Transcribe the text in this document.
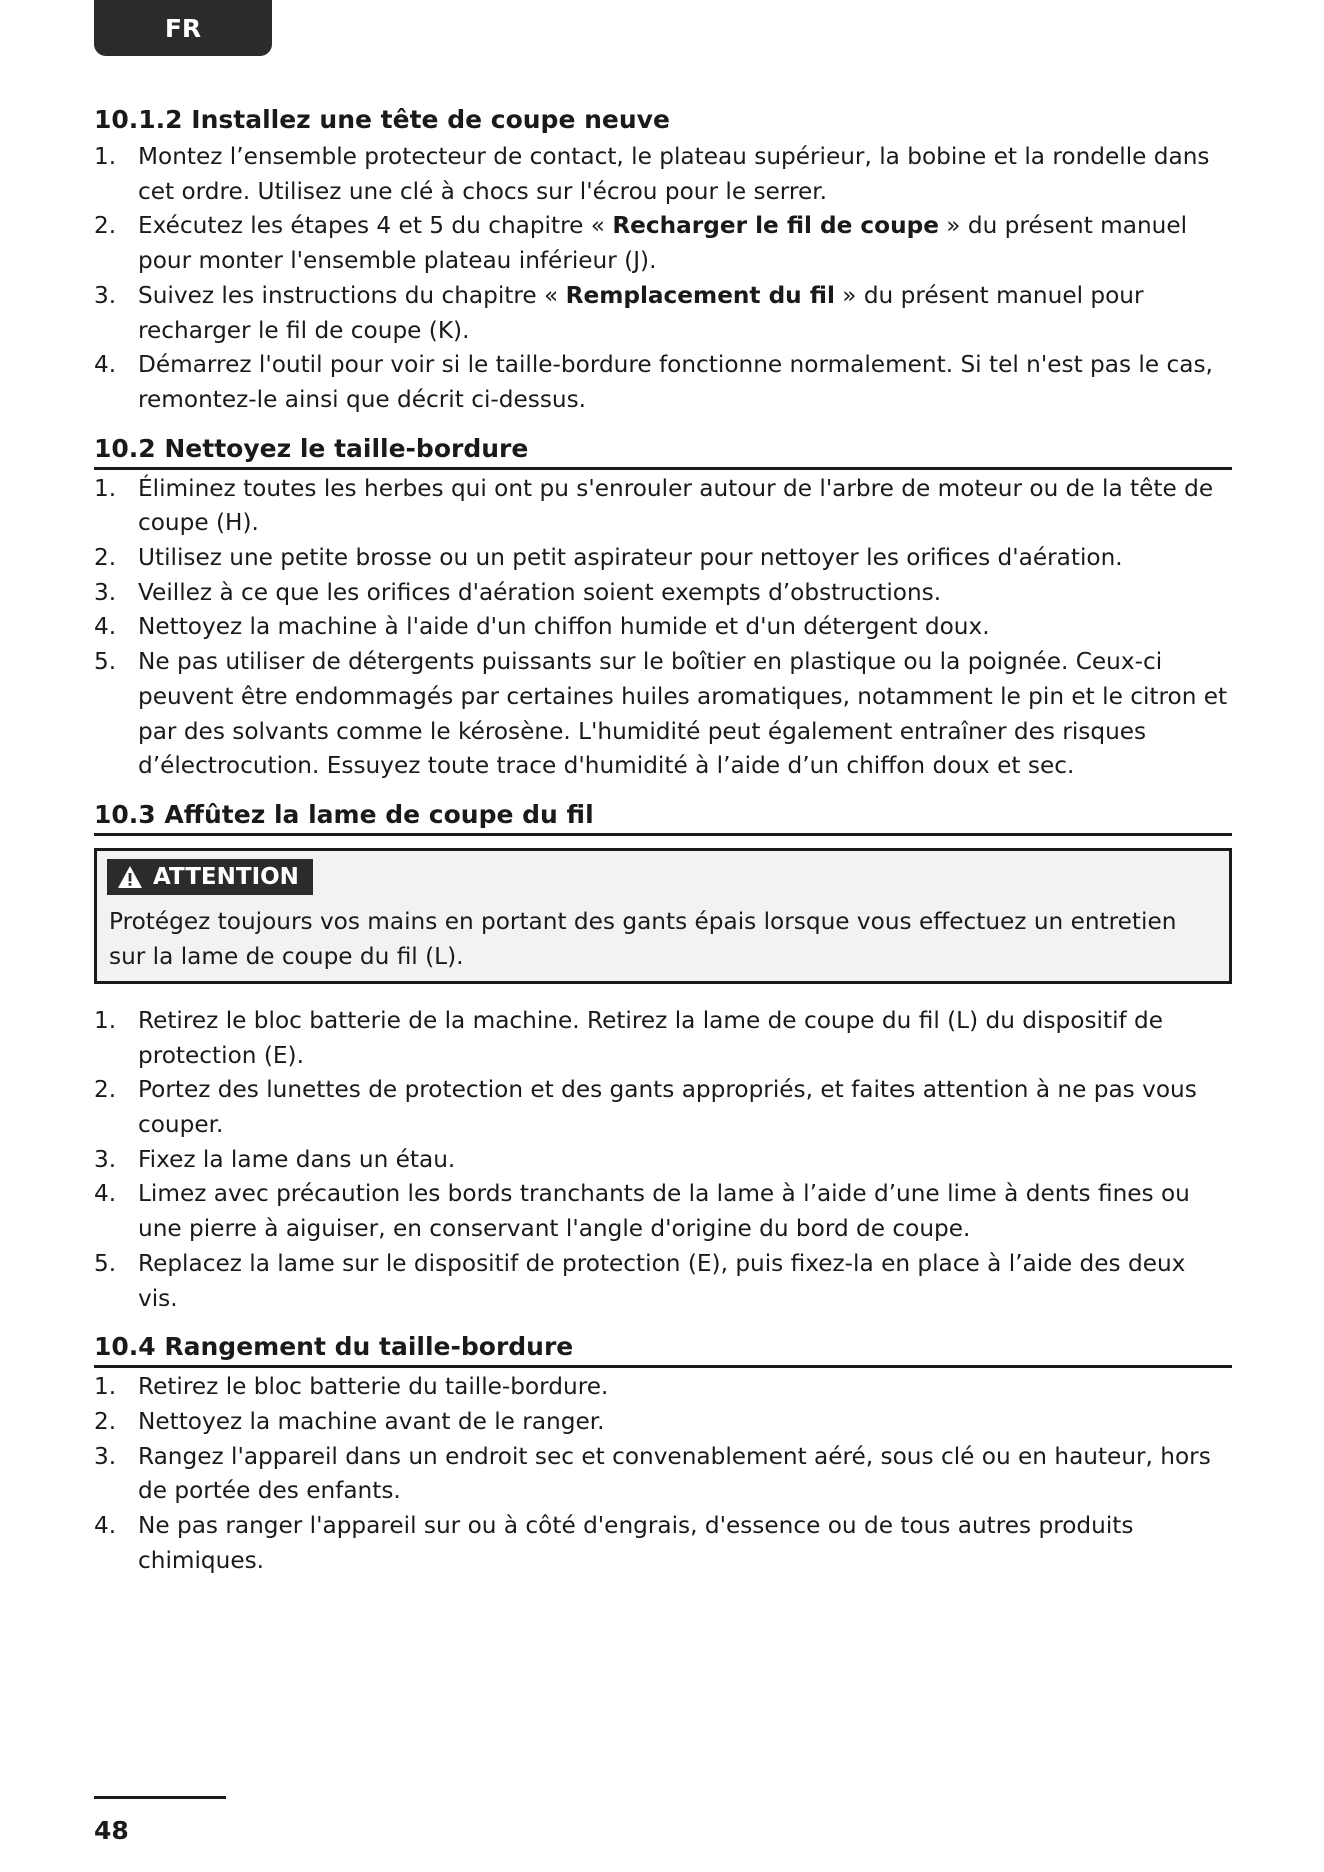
FR
10.1.2 Installez une tête de coupe neuve
1. Montez l’ensemble protecteur de contact, le plateau supérieur, la bobine et la rondelle dans cet ordre. Utilisez une clé à chocs sur l'écrou pour le serrer.
2. Exécutez les étapes 4 et 5 du chapitre « Recharger le fil de coupe » du présent manuel pour monter l'ensemble plateau inférieur (J).
3. Suivez les instructions du chapitre « Remplacement du fil » du présent manuel pour recharger le fil de coupe (K).
4. Démarrez l'outil pour voir si le taille-bordure fonctionne normalement. Si tel n'est pas le cas, remontez-le ainsi que décrit ci-dessus.
10.2 Nettoyez le taille-bordure
1. Éliminez toutes les herbes qui ont pu s'enrouler autour de l'arbre de moteur ou de la tête de coupe (H).
2. Utilisez une petite brosse ou un petit aspirateur pour nettoyer les orifices d'aération.
3. Veillez à ce que les orifices d'aération soient exempts d’obstructions.
4. Nettoyez la machine à l'aide d'un chiffon humide et d'un détergent doux.
5. Ne pas utiliser de détergents puissants sur le boîtier en plastique ou la poignée. Ceux-ci peuvent être endommagés par certaines huiles aromatiques, notamment le pin et le citron et par des solvants comme le kérosène. L'humidité peut également entraîner des risques d’électrocution. Essuyez toute trace d'humidité à l’aide d’un chiffon doux et sec.
10.3 Affûtez la lame de coupe du fil
ATTENTION
Protégez toujours vos mains en portant des gants épais lorsque vous effectuez un entretien sur la lame de coupe du fil (L).
1. Retirez le bloc batterie de la machine. Retirez la lame de coupe du fil (L) du dispositif de protection (E).
2. Portez des lunettes de protection et des gants appropriés, et faites attention à ne pas vous couper.
3. Fixez la lame dans un étau.
4. Limez avec précaution les bords tranchants de la lame à l’aide d’une lime à dents fines ou une pierre à aiguiser, en conservant l'angle d'origine du bord de coupe.
5. Replacez la lame sur le dispositif de protection (E), puis fixez-la en place à l’aide des deux vis.
10.4 Rangement du taille-bordure
1. Retirez le bloc batterie du taille-bordure.
2. Nettoyez la machine avant de le ranger.
3. Rangez l'appareil dans un endroit sec et convenablement aéré, sous clé ou en hauteur, hors de portée des enfants.
4. Ne pas ranger l'appareil sur ou à côté d'engrais, d'essence ou de tous autres produits chimiques.
48
